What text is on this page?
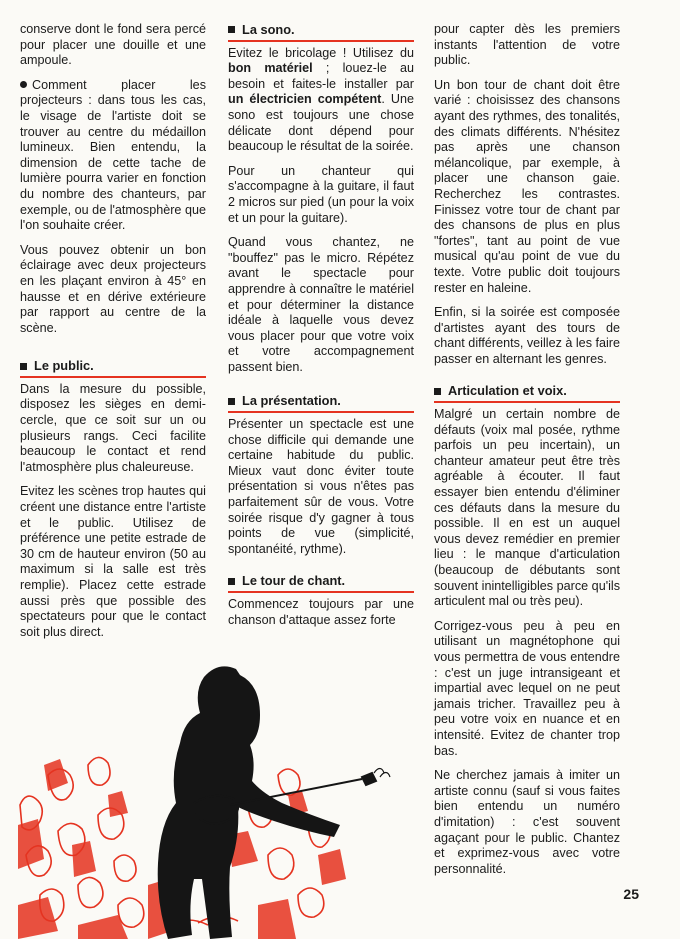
conserve dont le fond sera percé pour placer une douille et une ampoule.

Comment placer les projecteurs : dans tous les cas, le visage de l'artiste doit se trouver au centre du médaillon lumineux. Bien entendu, la dimension de cette tache de lumière pourra varier en fonction du nombre des chanteurs, par exemple, ou de l'atmosphère que l'on souhaite créer.

Vous pouvez obtenir un bon éclairage avec deux projecteurs en les plaçant environ à 45° en hausse et en dérive extérieure par rapport au centre de la scène.

Le public.

Dans la mesure du possible, disposez les sièges en demi-cercle, que ce soit sur un ou plusieurs rangs. Ceci facilite beaucoup le contact et rend l'atmosphère plus chaleureuse.

Evitez les scènes trop hautes qui créent une distance entre l'artiste et le public. Utilisez de préférence une petite estrade de 30 cm de hauteur environ (50 au maximum si la salle est très remplie). Placez cette estrade aussi près que possible des spectateurs pour que le contact soit plus direct.

La sono.

Evitez le bricolage ! Utilisez du bon matériel ; louez-le au besoin et faites-le installer par un électricien compétent. Une sono est toujours une chose délicate dont dépend pour beaucoup le résultat de la soirée.

Pour un chanteur qui s'accompagne à la guitare, il faut 2 micros sur pied (un pour la voix et un pour la guitare).

Quand vous chantez, ne "bouffez" pas le micro. Répétez avant le spectacle pour apprendre à connaître le matériel et pour déterminer la distance idéale à laquelle vous devez vous placer pour que votre voix et votre accompagnement passent bien.

La présentation.

Présenter un spectacle est une chose difficile qui demande une certaine habitude du public. Mieux vaut donc éviter toute présentation si vous n'êtes pas parfaitement sûr de vous. Votre soirée risque d'y gagner à tous points de vue (simplicité, spontanéité, rythme).

Le tour de chant.

Commencez toujours par une chanson d'attaque assez forte

pour capter dès les premiers instants l'attention de votre public.

Un bon tour de chant doit être varié : choisissez des chansons ayant des rythmes, des tonalités, des climats différents. N'hésitez pas après une chanson mélancolique, par exemple, à placer une chanson gaie. Recherchez les contrastes. Finissez votre tour de chant par des chansons de plus en plus "fortes", tant au point de vue musical qu'au point de vue du texte. Votre public doit toujours rester en haleine.

Enfin, si la soirée est composée d'artistes ayant des tours de chant différents, veillez à les faire passer en alternant les genres.

Articulation et voix.

Malgré un certain nombre de défauts (voix mal posée, rythme parfois un peu incertain), un chanteur amateur peut être très agréable à écouter. Il faut essayer bien entendu d'éliminer ces défauts dans la mesure du possible. Il en est un auquel vous devez remédier en premier lieu : le manque d'articulation (beaucoup de débutants sont souvent inintelligibles parce qu'ils articulent mal ou très peu).

Corrigez-vous peu à peu en utilisant un magnétophone qui vous permettra de vous entendre : c'est un juge intransigeant et impartial avec lequel on ne peut jamais tricher. Travaillez peu à peu votre voix en nuance et en intensité. Evitez de chanter trop bas.

Ne cherchez jamais à imiter un artiste connu (sauf si vous faites bien entendu un numéro d'imitation) : c'est souvent agaçant pour le public. Chantez et exprimez-vous avec votre personnalité.

25
